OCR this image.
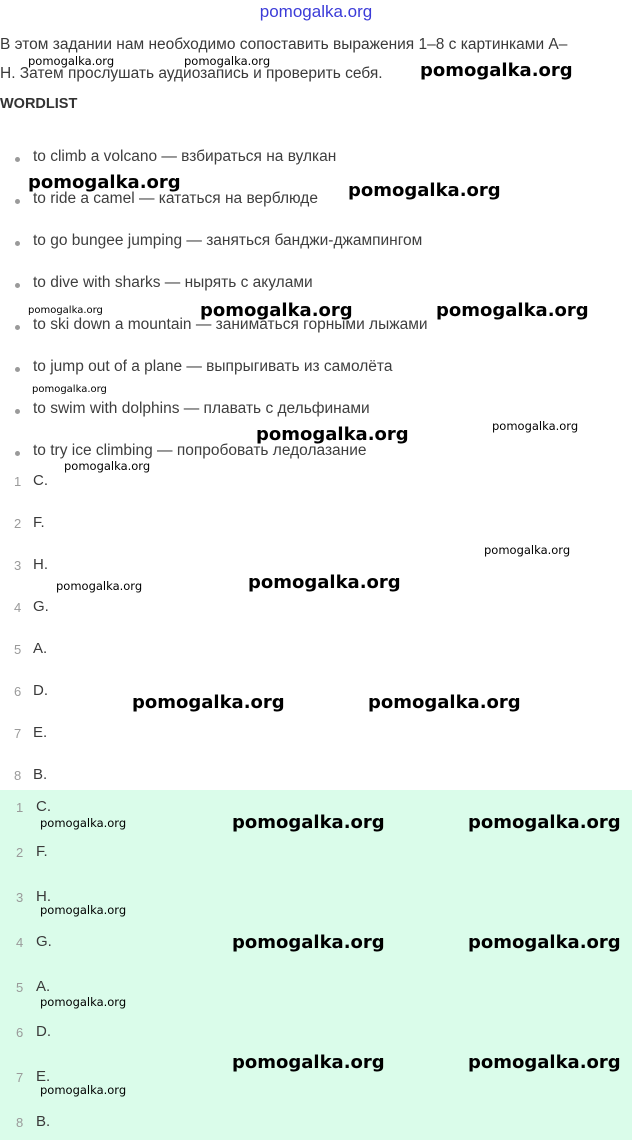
pomogalka.org
В этом задании нам необходимо сопоставить выражения 1–8 с картинками А–
Н. Затем прослушать аудиозапись и проверить себя.
WORDLIST
to climb a volcano — взбираться на вулкан
to ride a camel — кататься на верблюде
to go bungee jumping — заняться банджи-джампингом
to dive with sharks — нырять с акулами
to ski down a mountain — заниматься горными лыжами
to jump out of a plane — выпрыгивать из самолёта
to swim with dolphins — плавать с дельфинами
to try ice climbing — попробовать ледолазание
1 C.
2 F.
3 H.
4 G.
5 A.
6 D.
7 E.
8 B.
1 C.
2 F.
3 H.
4 G.
5 A.
6 D.
7 E.
8 B.
pomogalka.org	pomogalka.org	pomogalka.org
pomogalka.org	pomogalka.org
pomogalka.org	pomogalka.org	pomogalka.org
pomogalka.org
pomogalka.org
pomogalka.org
pomogalka.org
pomogalka.org
pomogalka.org
pomogalka.org
pomogalka.org	pomogalka.org
pomogalka.org	pomogalka.org	pomogalka.org
pomogalka.org
pomogalka.org	pomogalka.org
pomogalka.org
pomogalka.org	pomogalka.org
pomogalka.org
